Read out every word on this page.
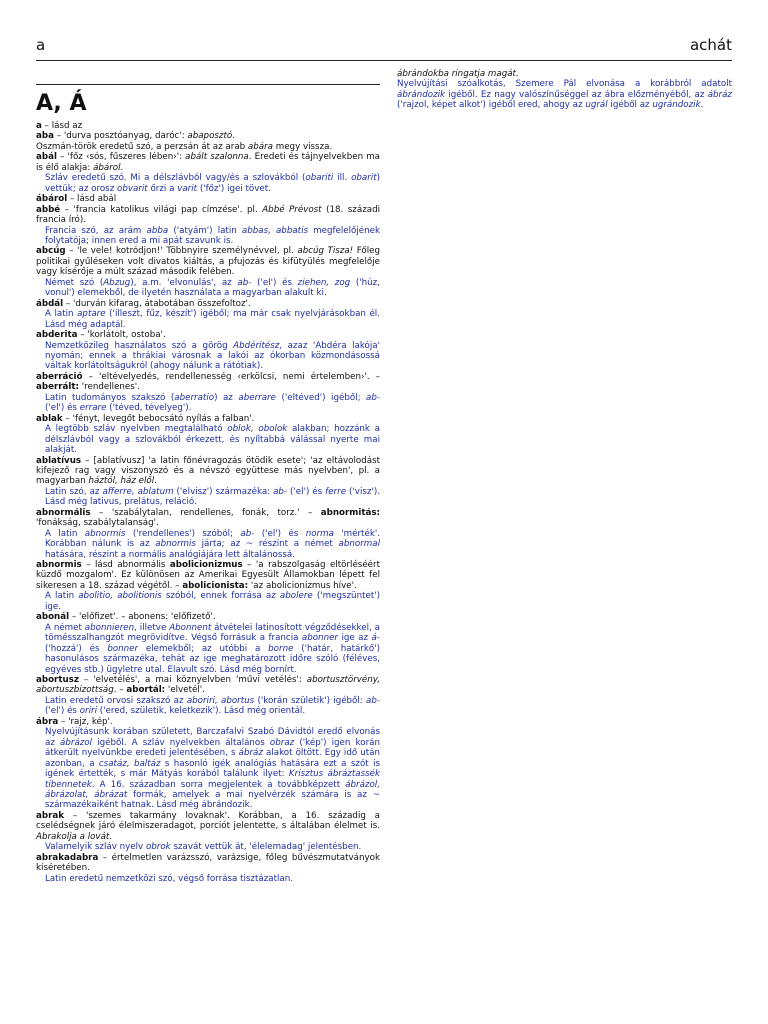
a	achát
ábrándokba ringatja magát.
Nyelvújítási szóalkotás, Szemere Pál elvonása a korábbról adatolt ábrándozik igéből. Ez nagy valószínűséggel az ábra előzményéből, az ábráz ('rajzol, képet alkot') igéből ered, ahogy az ugrál igéből az ugrándozik.
A, Á
a – lásd az
aba – 'durva posztóanyag, daróc': abaposztó.
Oszmán-török eredetű szó, a perzsán át az arab abára megy vissza.
abál – 'főz ‹sós, fűszeres lében›': abált szalonna. Eredeti és tájnyelvekben ma is élő alakja: ábárol.
Szláv eredetű szó. Mi a délszlávból vagy/és a szlovákból (obariti ill. obarit) vettük; az orosz obvarit őrzi a varit ('főz') igei tövet.
ábárol – lásd abál
abbé – 'francia katolikus világi pap címzése'. pl. Abbé Prévost (18. századi francia író).
Francia szó, az arám abba ('atyám') latin abbas, abbatis megfelelőjének folytatója; innen ered a mi apát szavunk is.
abcúg – 'le vele! kotródjon!' Többnyire személynévvel, pl. abcúg Tisza! Főleg politikai gyűléseken volt divatos kiáltás, a pfujozás és kifütyülés megfelelője vagy kísérője a múlt század második felében.
Német szó (Abzug), a.m. 'elvonulás', az ab- ('el') és ziehen, zog ('húz, vonul') elemekből, de ilyetén használata a magyarban alakult ki.
ábdál – 'durván kifarag, átabotában összefoltoz'.
A latin aptare ('illeszt, fűz, készít') igéből; ma már csak nyelvjárásokban él. Lásd még adaptál.
abderita – 'korlátolt, ostoba'.
Nemzetközileg használatos szó a görög Abdéritész, azaz 'Abdéra lakója' nyomán; ennek a thrákiai városnak a lakói az ókorban közmondásossá váltak korlátoltságukról (ahogy nálunk a rátótiak).
aberráció – 'eltévelyedés, rendellenesség ‹erkölcsi, nemi értelemben›'. – aberrált: 'rendellenes'.
Latin tudományos szakszó (aberratio) az aberrare ('eltéved') igéből; ab- ('el') és errare ('téved, tévelyeg').
ablak – 'fényt, levegőt bebocsátó nyílás a falban'.
A legtöbb szláv nyelvben megtalálható oblok, obolok alakban; hozzánk a délszlávból vagy a szlovákból érkezett, és nyíltabbá válással nyerte mai alakját.
ablatívus – [ablatívusz] 'a latin főnévragozás ötödik esete'; 'az eltávolodást kifejező rag vagy viszonyszó és a névszó együttese más nyelvben', pl. a magyarban háztól, ház elől.
Latin szó, az afferre, ablatum ('elvisz') származéka: ab- ('el') és ferre ('visz'). Lásd még lativus, prelátus, reláció.
abnormális – 'szabálytalan, rendellenes, fonák, torz.' – abnormitás: 'fonákság, szabálytalanság'.
A latin abnormis ('rendellenes') szóból; ab- ('el') és norma 'mérték'. Korábban nálunk is az abnormis járta; az ~ részint a német abnormal hatására, részint a normális analógiájára lett általánossá.
abnormis – lásd abnormális abolicionizmus – 'a rabszolgaság eltörléséért küzdő mozgalom'. Ez különösen az Amerikai Egyesült Államokban lépett fel sikeresen a 18. század végétől. – abolicionista: 'az abolicionizmus híve'.
A latin abolitio, abolitionis szóból, ennek forrása az abolere ('megszüntet') ige.
abonál – 'előfizet'. – abonens: 'előfizető'.
A német abonnieren, illetve Abonnent átvételei latinosított végződésekkel, a tömésszalhangzót megrövidítve. Végső forrásuk a francia abonner ige az á- ('hozzá') és bonner elemekből; az utóbbi a borne ('határ, határkő') hasonulásos származéka, tehát az ige meghatározott időre szóló (féléves, egyéves stb.) ügyletre utal. Elavult szó. Lásd még bornírt.
abortusz – 'elvetélés', a mai köznyelvben 'művi vetélés': abortusztörvény, abortuszbizottság. – abortál: 'elvetél'.
Latin eredetű orvosi szakszó az aboriri, abortus ('korán születik') igéből: ab- ('el') és oriri ('ered, születik, keletkezik'). Lásd még orientál.
ábra – 'rajz, kép'.
Nyelvújításunk korában született, Barczafalvi Szabó Dávidtól eredő elvonás az ábrázol igéből. A szláv nyelvekben általános obraz ('kép') igen korán átkerült nyelvünkbe eredeti jelentésében, s ábráz alakot öltött. Egy idő után azonban, a csatáz, baltáz s hasonló igék analógiás hatására ezt a szót is igének értették, s már Mátyás korából találunk ilyet: Krisztus ábráztassék tibennetek. A 16. században sorra megjelentek a továbbképzett ábrázol, ábrázolat, ábrázat formák, amelyek a mai nyelvérzék számára is az ~ származékaiként hatnak. Lásd még ábrándozik.
abrak – 'szemes takarmány lovaknak'. Korábban, a 16. századig a cselédségnek járó élelmiszeradagot, porciót jelentette, s általában élelmet is. Abrakolja a lovát.
Valamelyik szláv nyelv obrok szavát vettük át, 'élelemadag' jelentésben.
abrakadabra – értelmetlen varázsszó, varázsige, főleg bűvészmutatványok kíséretében.
Latin eredetű nemzetközi szó, végső forrása tisztázatlan.
